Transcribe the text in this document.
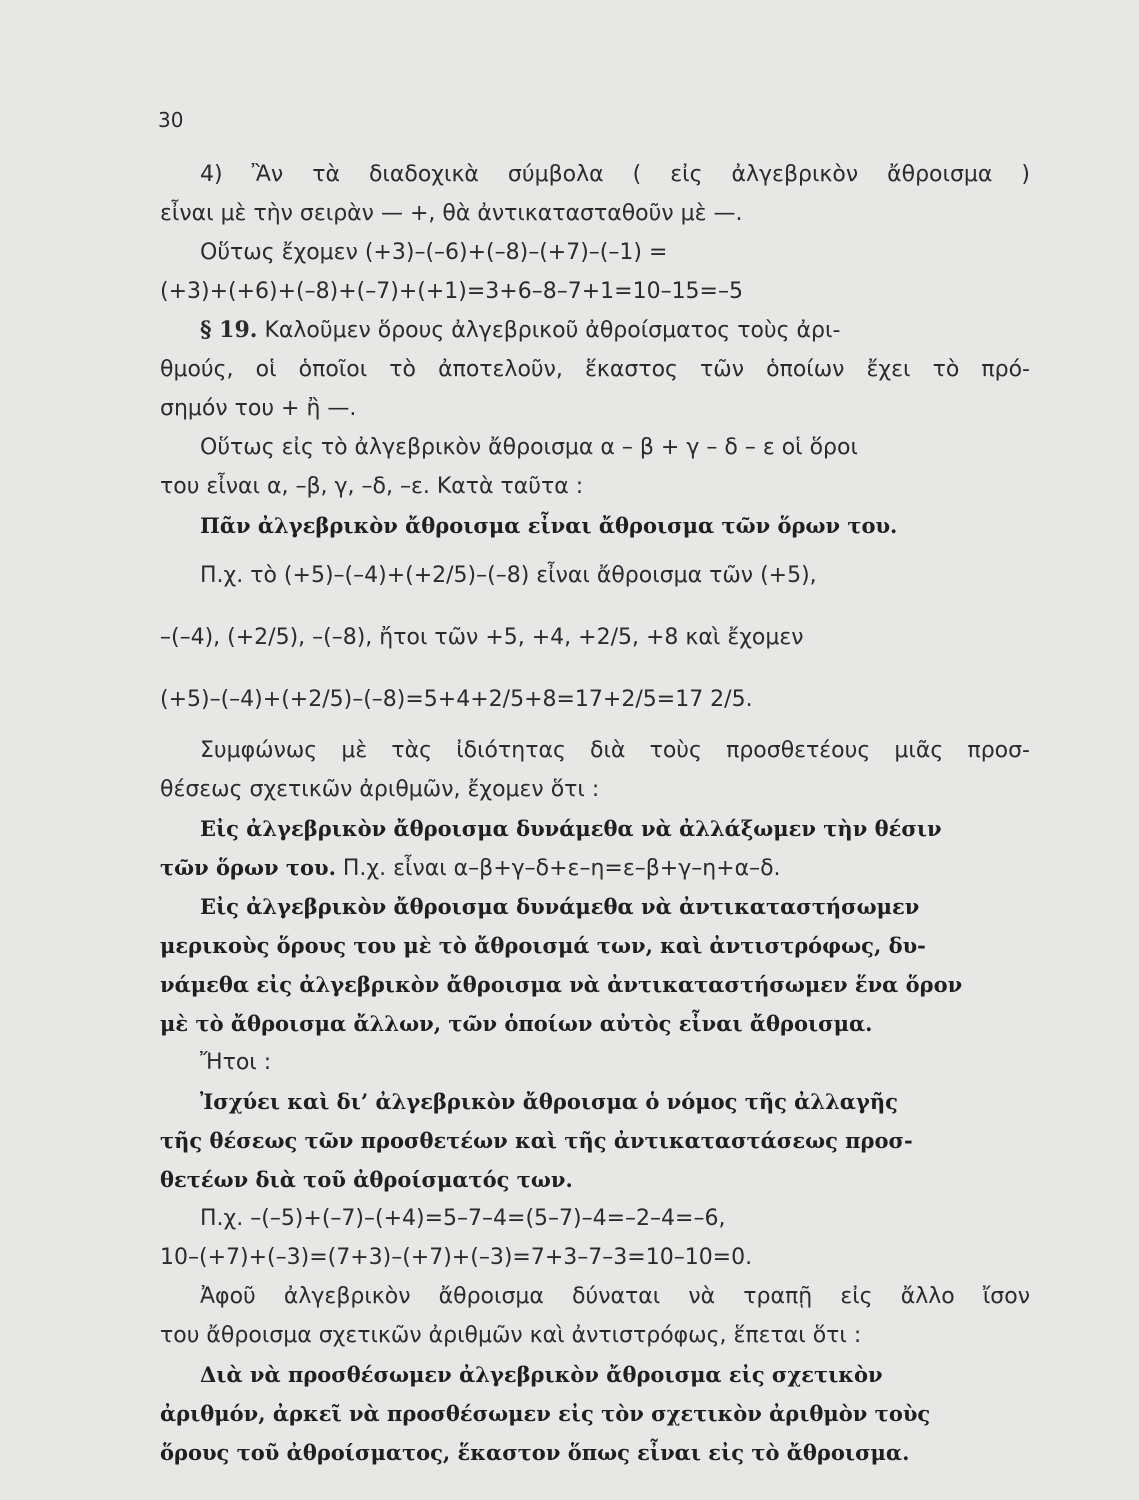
30
4) Ἂν τὰ διαδοχικὰ σύμβολα ( εἰς ἀλγεβρικὸν ἄθροισμα )
εἶναι μὲ τὴν σειρὰν — +, θὰ ἀντικατασταθοῦν μὲ —.
Οὕτως ἔχομεν (+3)–(–6)+(–8)–(+7)–(–1) =
(+3)+(+6)+(–8)+(–7)+(+1)=3+6–8–7+1=10–15=–5
§ 19. Καλοῦμεν ὅρους ἀλγεβρικοῦ ἀθροίσματος τοὺς ἀρι-
θμούς, οἱ ὁποῖοι τὸ ἀποτελοῦν, ἕκαστος τῶν ὁποίων ἔχει τὸ πρό-
σημόν του + ἢ —.
Οὕτως εἰς τὸ ἀλγεβρικὸν ἄθροισμα α – β + γ – δ – ε οἱ ὅροι
του εἶναι α, –β, γ, –δ, –ε. Κατὰ ταῦτα :
Πᾶν ἀλγεβρικὸν ἄθροισμα εἶναι ἄθροισμα τῶν ὅρων του.
Π.χ. τὸ (+5)–(–4)+(+2/5)–(–8) εἶναι ἄθροισμα τῶν (+5),
–(–4), (+2/5), –(–8), ἤτοι τῶν +5, +4, +2/5, +8 καὶ ἔχομεν
(+5)–(–4)+(+2/5)–(–8)=5+4+2/5+8=17+2/5=17 2/5.
Συμφώνως μὲ τὰς ἰδιότητας διὰ τοὺς προσθετέους μιᾶς προσ-
θέσεως σχετικῶν ἀριθμῶν, ἔχομεν ὅτι :
Εἰς ἀλγεβρικὸν ἄθροισμα δυνάμεθα νὰ ἀλλάξωμεν τὴν θέσιν
τῶν ὅρων του. Π.χ. εἶναι α–β+γ–δ+ε–η=ε–β+γ–η+α–δ.
Εἰς ἀλγεβρικὸν ἄθροισμα δυνάμεθα νὰ ἀντικαταστήσωμεν
μερικοὺς ὅρους του μὲ τὸ ἄθροισμά των, καὶ ἀντιστρόφως, δυ-
νάμεθα εἰς ἀλγεβρικὸν ἄθροισμα νὰ ἀντικαταστήσωμεν ἕνα ὅρον
μὲ τὸ ἄθροισμα ἄλλων, τῶν ὁποίων αὐτὸς εἶναι ἄθροισμα.
Ἤτοι :
Ἰσχύει καὶ δι’ ἀλγεβρικὸν ἄθροισμα ὁ νόμος τῆς ἀλλαγῆς
τῆς θέσεως τῶν προσθετέων καὶ τῆς ἀντικαταστάσεως προσ-
θετέων διὰ τοῦ ἀθροίσματός των.
Π.χ. –(–5)+(–7)–(+4)=5–7–4=(5–7)–4=–2–4=–6,
10–(+7)+(–3)=(7+3)–(+7)+(–3)=7+3–7–3=10–10=0.
Ἀφοῦ ἀλγεβρικὸν ἄθροισμα δύναται νὰ τραπῇ εἰς ἄλλο ἴσον
του ἄθροισμα σχετικῶν ἀριθμῶν καὶ ἀντιστρόφως, ἕπεται ὅτι :
Διὰ νὰ προσθέσωμεν ἀλγεβρικὸν ἄθροισμα εἰς σχετικὸν
ἀριθμόν, ἀρκεῖ νὰ προσθέσωμεν εἰς τὸν σχετικὸν ἀριθμὸν τοὺς
ὅρους τοῦ ἀθροίσματος, ἕκαστον ὅπως εἶναι εἰς τὸ ἄθροισμα.
